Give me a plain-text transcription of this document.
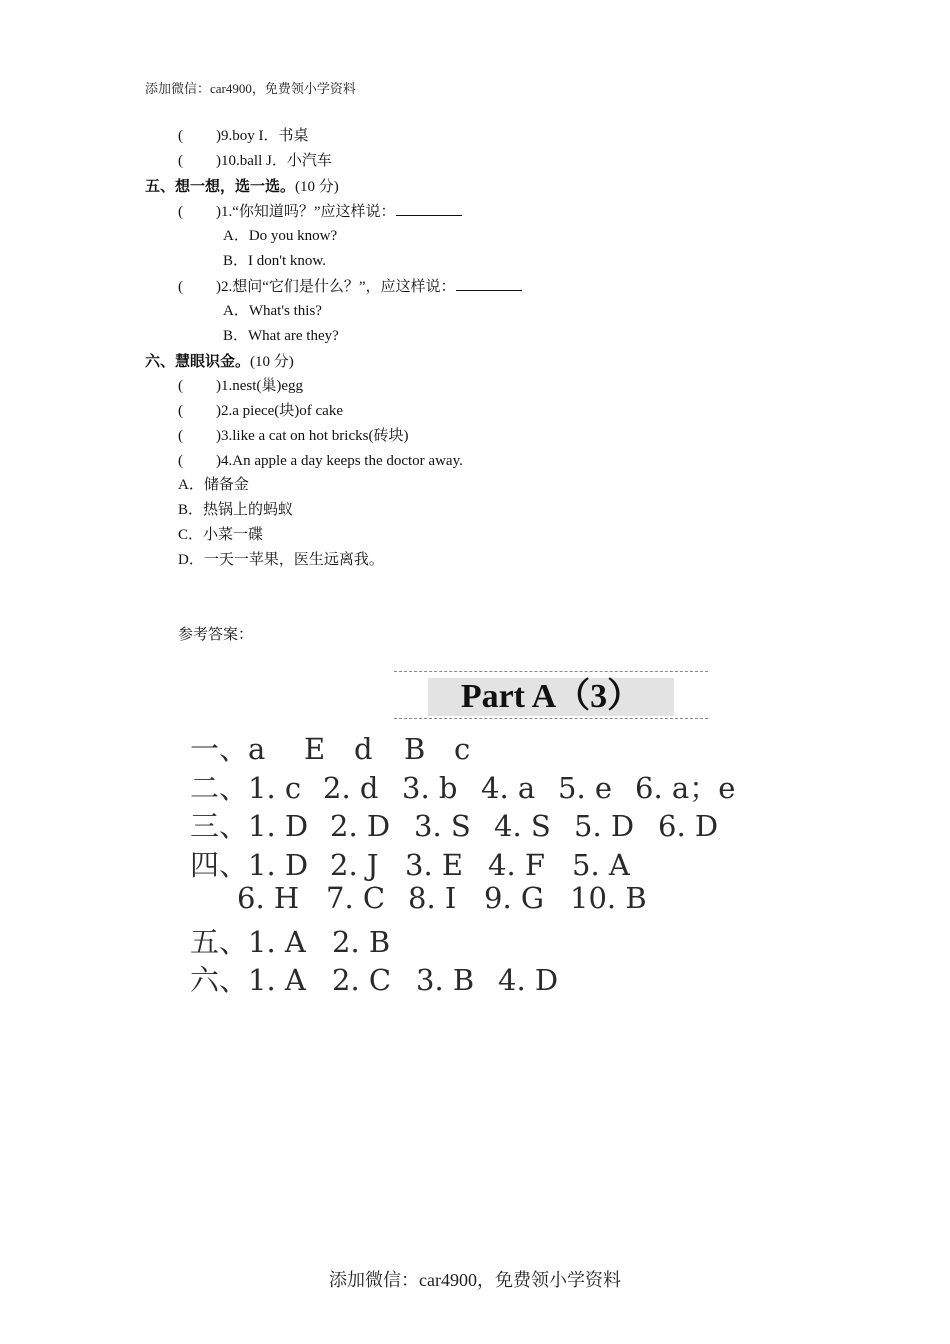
添加微信：car4900，免费领小学资料
( )9.boy I．书桌
( )10.ball J．小汽车
五、想一想，选一选。(10 分)
( )1.“你知道吗？”应这样说：
A．Do you know?
B．I don't know.
( )2.想问“它们是什么？”，应这样说：
A．What's this?
B．What are they?
六、慧眼识金。(10 分)
( )1.nest(巢)egg
( )2.a piece(块)of cake
( )3.like a cat on hot bricks(砖块)
( )4.An apple a day keeps the doctor away.
A．储备金
B．热锅上的蚂蚁
C．小菜一碟
D．一天一苹果，医生远离我。
参考答案：
Part A（3）
一、a E d B c
二、1. c 2. d 3. b 4. a 5. e 6. a；e
三、1. D 2. D 3. S 4. S 5. D 6. D
四、1. D 2. J 3. E 4. F 5. A
6. H 7. C 8. I 9. G 10. B
五、1. A 2. B
六、1. A 2. C 3. B 4. D
添加微信：car4900，免费领小学资料
